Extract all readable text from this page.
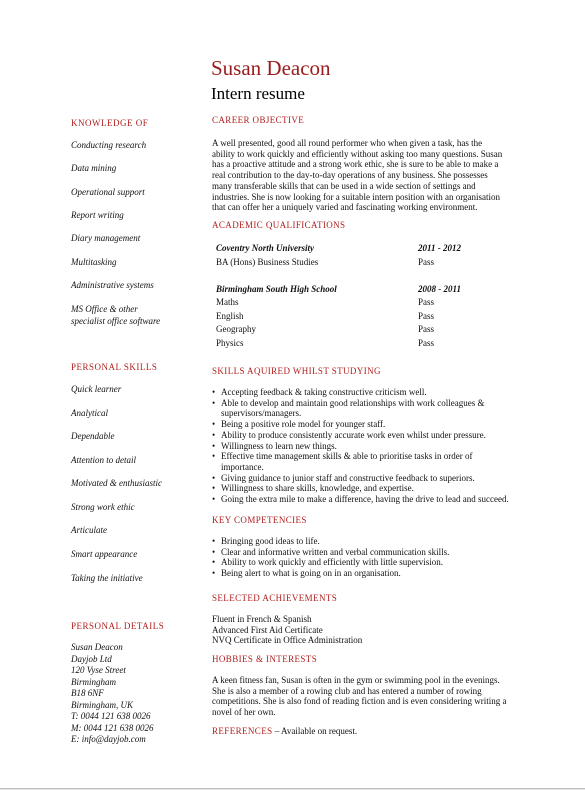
Susan Deacon
Intern resume
KNOWLEDGE OF
Conducting research
Data mining
Operational support
Report writing
Diary management
Multitasking
Administrative systems
MS Office & other
specialist office software
PERSONAL SKILLS
Quick learner
Analytical
Dependable
Attention to detail
Motivated & enthusiastic
Strong work ethic
Articulate
Smart appearance
Taking the initiative
PERSONAL DETAILS
Susan Deacon
Dayjob Ltd
120 Vyse Street
Birmingham
B18 6NF
Birmingham, UK
T: 0044 121 638 0026
M: 0044 121 638 0026
E: info@dayjob.com
CAREER OBJECTIVE

A well presented, good all round performer who when given a task, has the

ability to work quickly and efficiently without asking too many questions. Susan

has a proactive attitude and a strong work ethic, she is sure to be able to make a

real contribution to the day-to-day operations of any business. She possesses

many transferable skills that can be used in a wide section of settings and

industries. She is now looking for a suitable intern position with an organisation

that can offer her a uniquely varied and fascinating working environment.

ACADEMIC QUALIFICATIONS
Coventry North University	2011 - 2012
BA (Hons) Business Studies	Pass
Birmingham South High School	2008 - 2011
Maths	Pass
English	Pass
Geography	Pass
Physics	Pass
SKILLS AQUIRED WHILST STUDYING
• Accepting feedback & taking constructive criticism well.
• Able to develop and maintain good relationships with work colleagues &
supervisors/managers.
• Being a positive role model for younger staff.
• Ability to produce consistently accurate work even whilst under pressure.
• Willingness to learn new things.
• Effective time management skills & able to prioritise tasks in order of
importance.
• Giving guidance to junior staff and constructive feedback to superiors.
• Willingness to share skills, knowledge, and expertise.
• Going the extra mile to make a difference, having the drive to lead and succeed.
KEY COMPETENCIES
• Bringing good ideas to life.
• Clear and informative written and verbal communication skills.
• Ability to work quickly and efficiently with little supervision.
• Being alert to what is going on in an organisation.
SELECTED ACHIEVEMENTS

Fluent in French & Spanish

Advanced First Aid Certificate

NVQ Certificate in Office Administration

HOBBIES & INTERESTS

A keen fitness fan, Susan is often in the gym or swimming pool in the evenings.

She is also a member of a rowing club and has entered a number of rowing

competitions. She is also fond of reading fiction and is even considering writing a

novel of her own.

REFERENCES – Available on request.
